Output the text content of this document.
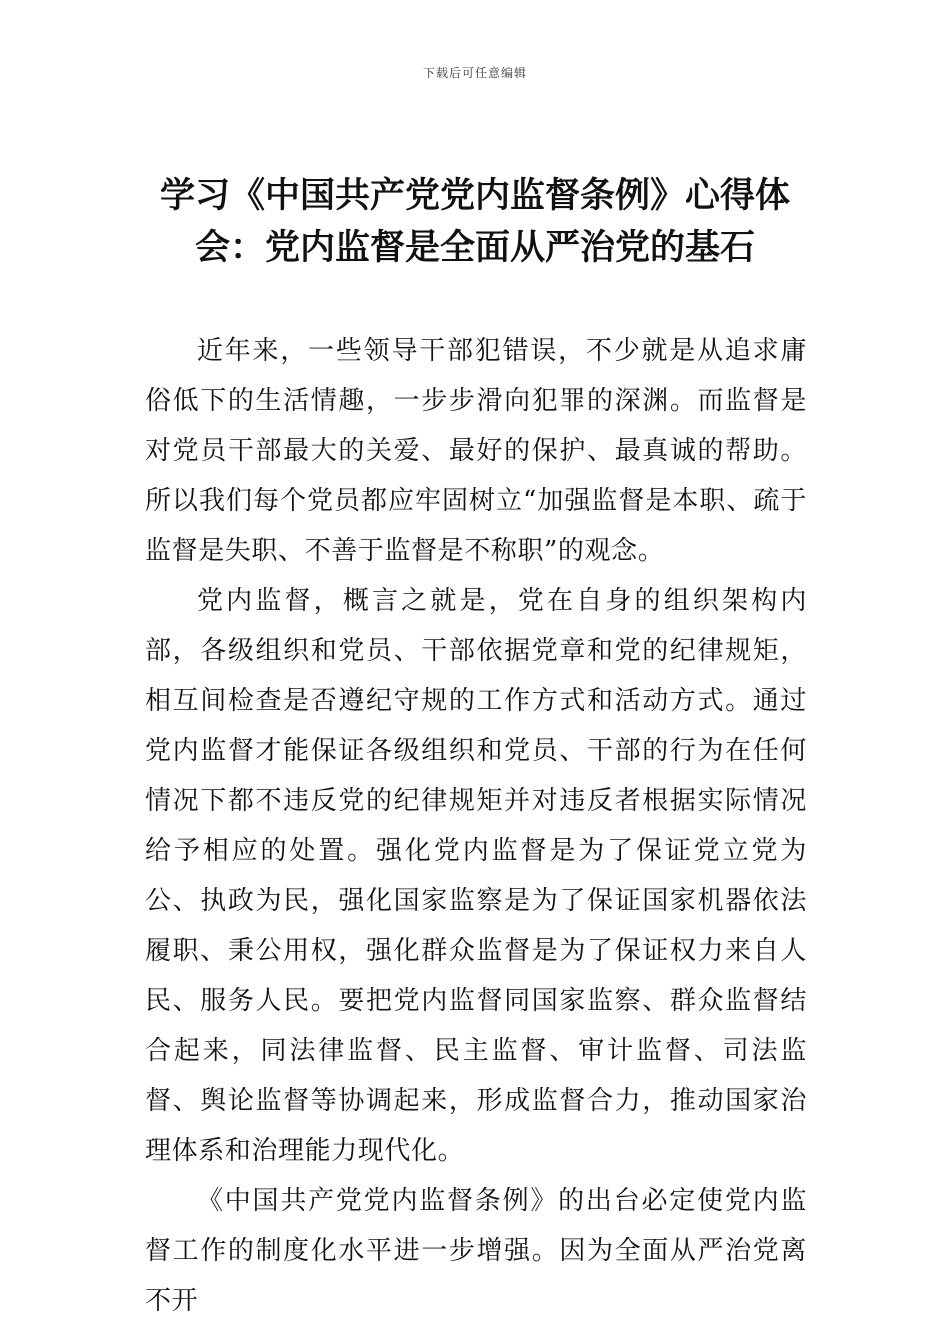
下载后可任意编辑
学习《中国共产党党内监督条例》心得体
会：党内监督是全面从严治党的基石

近年来，一些领导干部犯错误，不少就是从追求庸俗低下的生活情趣，一步步滑向犯罪的深渊。而监督是对党员干部最大的关爱、最好的保护、最真诚的帮助。所以我们每个党员都应牢固树立“加强监督是本职、疏于监督是失职、不善于监督是不称职”的观念。

党内监督，概言之就是，党在自身的组织架构内部，各级组织和党员、干部依据党章和党的纪律规矩，相互间检查是否遵纪守规的工作方式和活动方式。通过党内监督才能保证各级组织和党员、干部的行为在任何情况下都不违反党的纪律规矩并对违反者根据实际情况给予相应的处置。强化党内监督是为了保证党立党为公、执政为民，强化国家监察是为了保证国家机器依法履职、秉公用权，强化群众监督是为了保证权力来自人民、服务人民。要把党内监督同国家监察、群众监督结合起来，同法律监督、民主监督、审计监督、司法监督、舆论监督等协调起来，形成监督合力，推动国家治理体系和治理能力现代化。

《中国共产党党内监督条例》的出台必定使党内监督工作的制度化水平进一步增强。因为全面从严治党离不开
